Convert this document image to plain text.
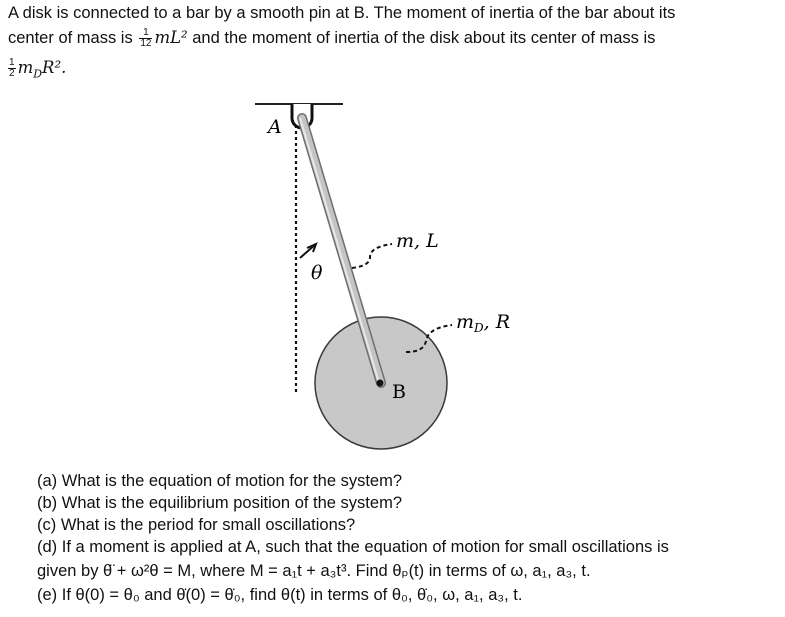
A disk is connected to a bar by a smooth pin at B. The moment of inertia of the bar about its
center of mass is $\frac{1}{12} mL^2$ and the moment of inertia of the disk about its center of mass is
$\frac{1}{2} m_DR^2$.
A
B
θ
m, L
$m_D$, R
(a) What is the equation of motion for the system?
(b) What is the equilibrium position of the system?
(c) What is the period for small oscillations?
(d) If a moment is applied at A, such that the equation of motion for small oscillations is
given by θ̈ + ω²θ = M, where M = a₁t + a₃t³. Find θₚ(t) in terms of ω, a₁, a₃, t.
(e) If θ(0) = θ₀ and θ̇(0) = θ̇₀, find θ(t) in terms of θ₀, θ̇₀, ω, a₁, a₃, t.
